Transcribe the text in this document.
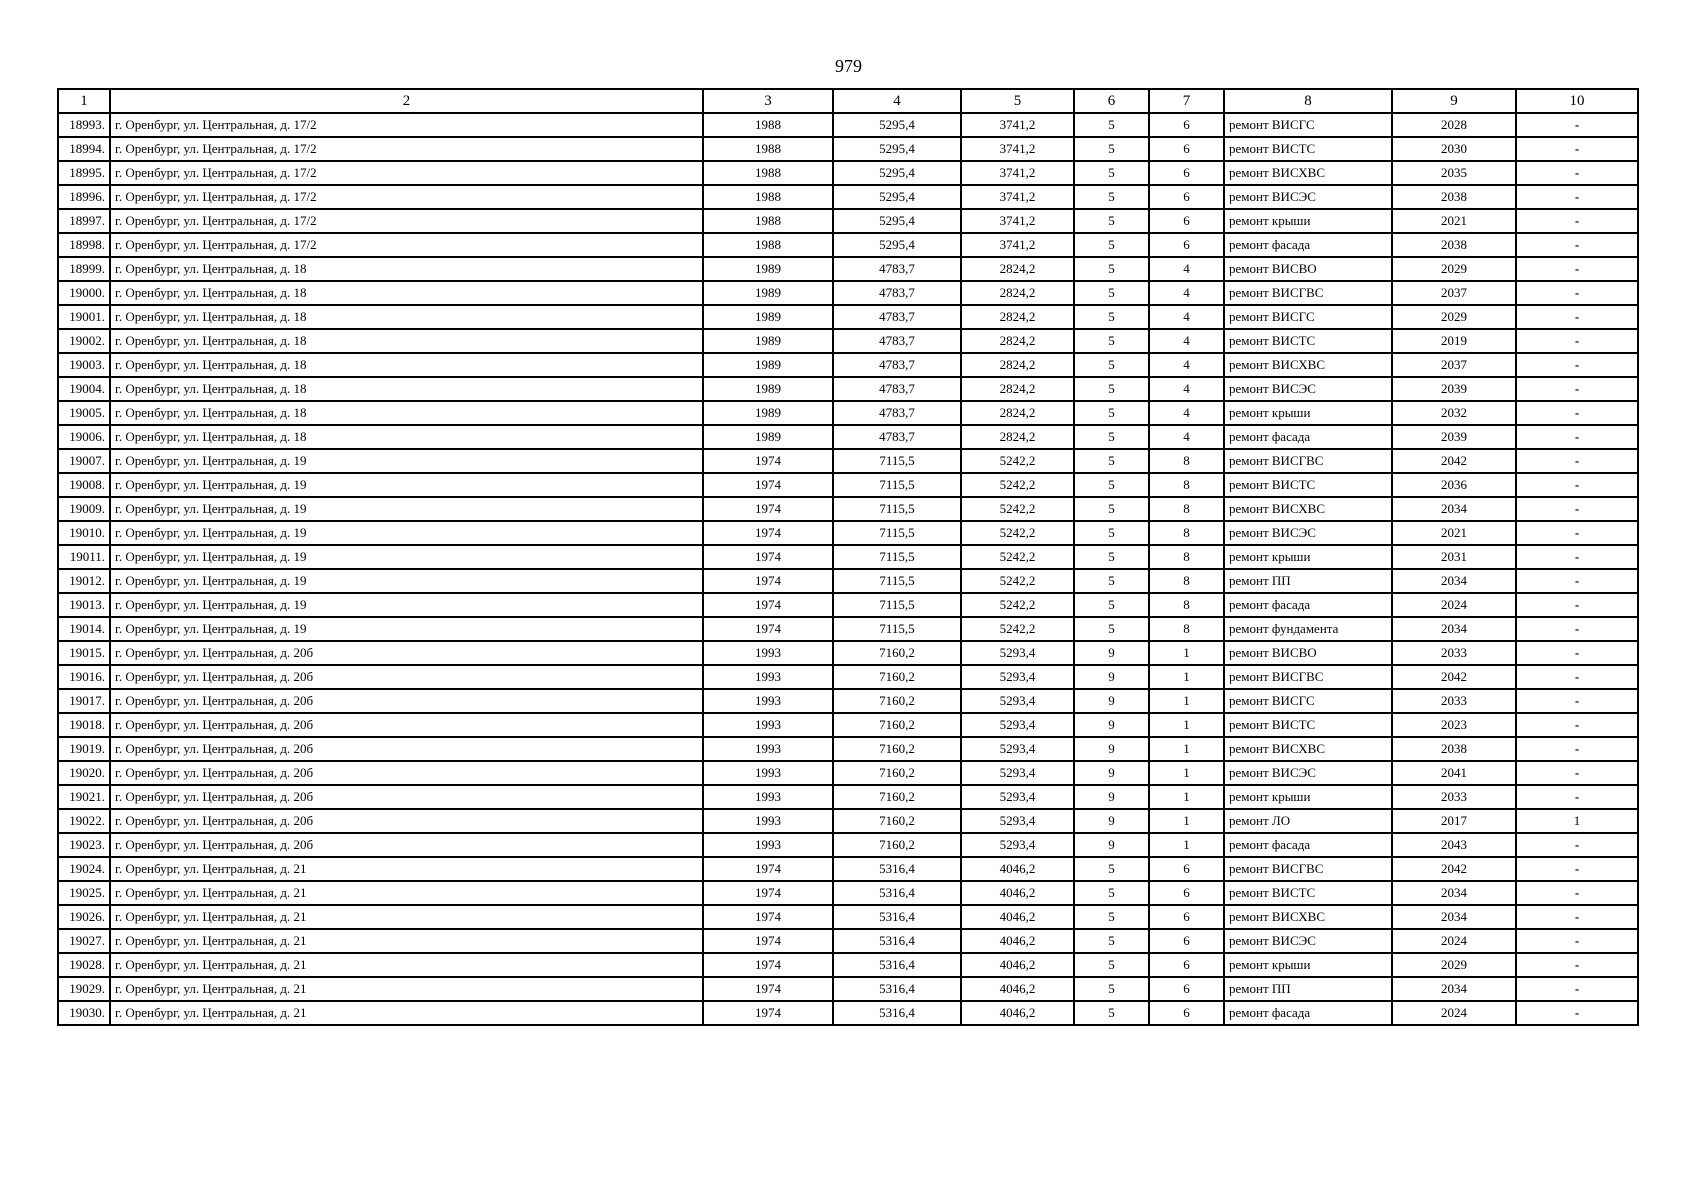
979
1	2	3	4	5	6	7	8	9	10
18993.	г. Оренбург, ул. Центральная, д. 17/2	1988	5295,4	3741,2	5	6	ремонт ВИСГС	2028	-
18994.	г. Оренбург, ул. Центральная, д. 17/2	1988	5295,4	3741,2	5	6	ремонт ВИСТС	2030	-
18995.	г. Оренбург, ул. Центральная, д. 17/2	1988	5295,4	3741,2	5	6	ремонт ВИСХВС	2035	-
18996.	г. Оренбург, ул. Центральная, д. 17/2	1988	5295,4	3741,2	5	6	ремонт ВИСЭС	2038	-
18997.	г. Оренбург, ул. Центральная, д. 17/2	1988	5295,4	3741,2	5	6	ремонт крыши	2021	-
18998.	г. Оренбург, ул. Центральная, д. 17/2	1988	5295,4	3741,2	5	6	ремонт фасада	2038	-
18999.	г. Оренбург, ул. Центральная, д. 18	1989	4783,7	2824,2	5	4	ремонт ВИСВО	2029	-
19000.	г. Оренбург, ул. Центральная, д. 18	1989	4783,7	2824,2	5	4	ремонт ВИСГВС	2037	-
19001.	г. Оренбург, ул. Центральная, д. 18	1989	4783,7	2824,2	5	4	ремонт ВИСГС	2029	-
19002.	г. Оренбург, ул. Центральная, д. 18	1989	4783,7	2824,2	5	4	ремонт ВИСТС	2019	-
19003.	г. Оренбург, ул. Центральная, д. 18	1989	4783,7	2824,2	5	4	ремонт ВИСХВС	2037	-
19004.	г. Оренбург, ул. Центральная, д. 18	1989	4783,7	2824,2	5	4	ремонт ВИСЭС	2039	-
19005.	г. Оренбург, ул. Центральная, д. 18	1989	4783,7	2824,2	5	4	ремонт крыши	2032	-
19006.	г. Оренбург, ул. Центральная, д. 18	1989	4783,7	2824,2	5	4	ремонт фасада	2039	-
19007.	г. Оренбург, ул. Центральная, д. 19	1974	7115,5	5242,2	5	8	ремонт ВИСГВС	2042	-
19008.	г. Оренбург, ул. Центральная, д. 19	1974	7115,5	5242,2	5	8	ремонт ВИСТС	2036	-
19009.	г. Оренбург, ул. Центральная, д. 19	1974	7115,5	5242,2	5	8	ремонт ВИСХВС	2034	-
19010.	г. Оренбург, ул. Центральная, д. 19	1974	7115,5	5242,2	5	8	ремонт ВИСЭС	2021	-
19011.	г. Оренбург, ул. Центральная, д. 19	1974	7115,5	5242,2	5	8	ремонт крыши	2031	-
19012.	г. Оренбург, ул. Центральная, д. 19	1974	7115,5	5242,2	5	8	ремонт ПП	2034	-
19013.	г. Оренбург, ул. Центральная, д. 19	1974	7115,5	5242,2	5	8	ремонт фасада	2024	-
19014.	г. Оренбург, ул. Центральная, д. 19	1974	7115,5	5242,2	5	8	ремонт фундамента	2034	-
19015.	г. Оренбург, ул. Центральная, д. 20б	1993	7160,2	5293,4	9	1	ремонт ВИСВО	2033	-
19016.	г. Оренбург, ул. Центральная, д. 20б	1993	7160,2	5293,4	9	1	ремонт ВИСГВС	2042	-
19017.	г. Оренбург, ул. Центральная, д. 20б	1993	7160,2	5293,4	9	1	ремонт ВИСГС	2033	-
19018.	г. Оренбург, ул. Центральная, д. 20б	1993	7160,2	5293,4	9	1	ремонт ВИСТС	2023	-
19019.	г. Оренбург, ул. Центральная, д. 20б	1993	7160,2	5293,4	9	1	ремонт ВИСХВС	2038	-
19020.	г. Оренбург, ул. Центральная, д. 20б	1993	7160,2	5293,4	9	1	ремонт ВИСЭС	2041	-
19021.	г. Оренбург, ул. Центральная, д. 20б	1993	7160,2	5293,4	9	1	ремонт крыши	2033	-
19022.	г. Оренбург, ул. Центральная, д. 20б	1993	7160,2	5293,4	9	1	ремонт ЛО	2017	1
19023.	г. Оренбург, ул. Центральная, д. 20б	1993	7160,2	5293,4	9	1	ремонт фасада	2043	-
19024.	г. Оренбург, ул. Центральная, д. 21	1974	5316,4	4046,2	5	6	ремонт ВИСГВС	2042	-
19025.	г. Оренбург, ул. Центральная, д. 21	1974	5316,4	4046,2	5	6	ремонт ВИСТС	2034	-
19026.	г. Оренбург, ул. Центральная, д. 21	1974	5316,4	4046,2	5	6	ремонт ВИСХВС	2034	-
19027.	г. Оренбург, ул. Центральная, д. 21	1974	5316,4	4046,2	5	6	ремонт ВИСЭС	2024	-
19028.	г. Оренбург, ул. Центральная, д. 21	1974	5316,4	4046,2	5	6	ремонт крыши	2029	-
19029.	г. Оренбург, ул. Центральная, д. 21	1974	5316,4	4046,2	5	6	ремонт ПП	2034	-
19030.	г. Оренбург, ул. Центральная, д. 21	1974	5316,4	4046,2	5	6	ремонт фасада	2024	-
